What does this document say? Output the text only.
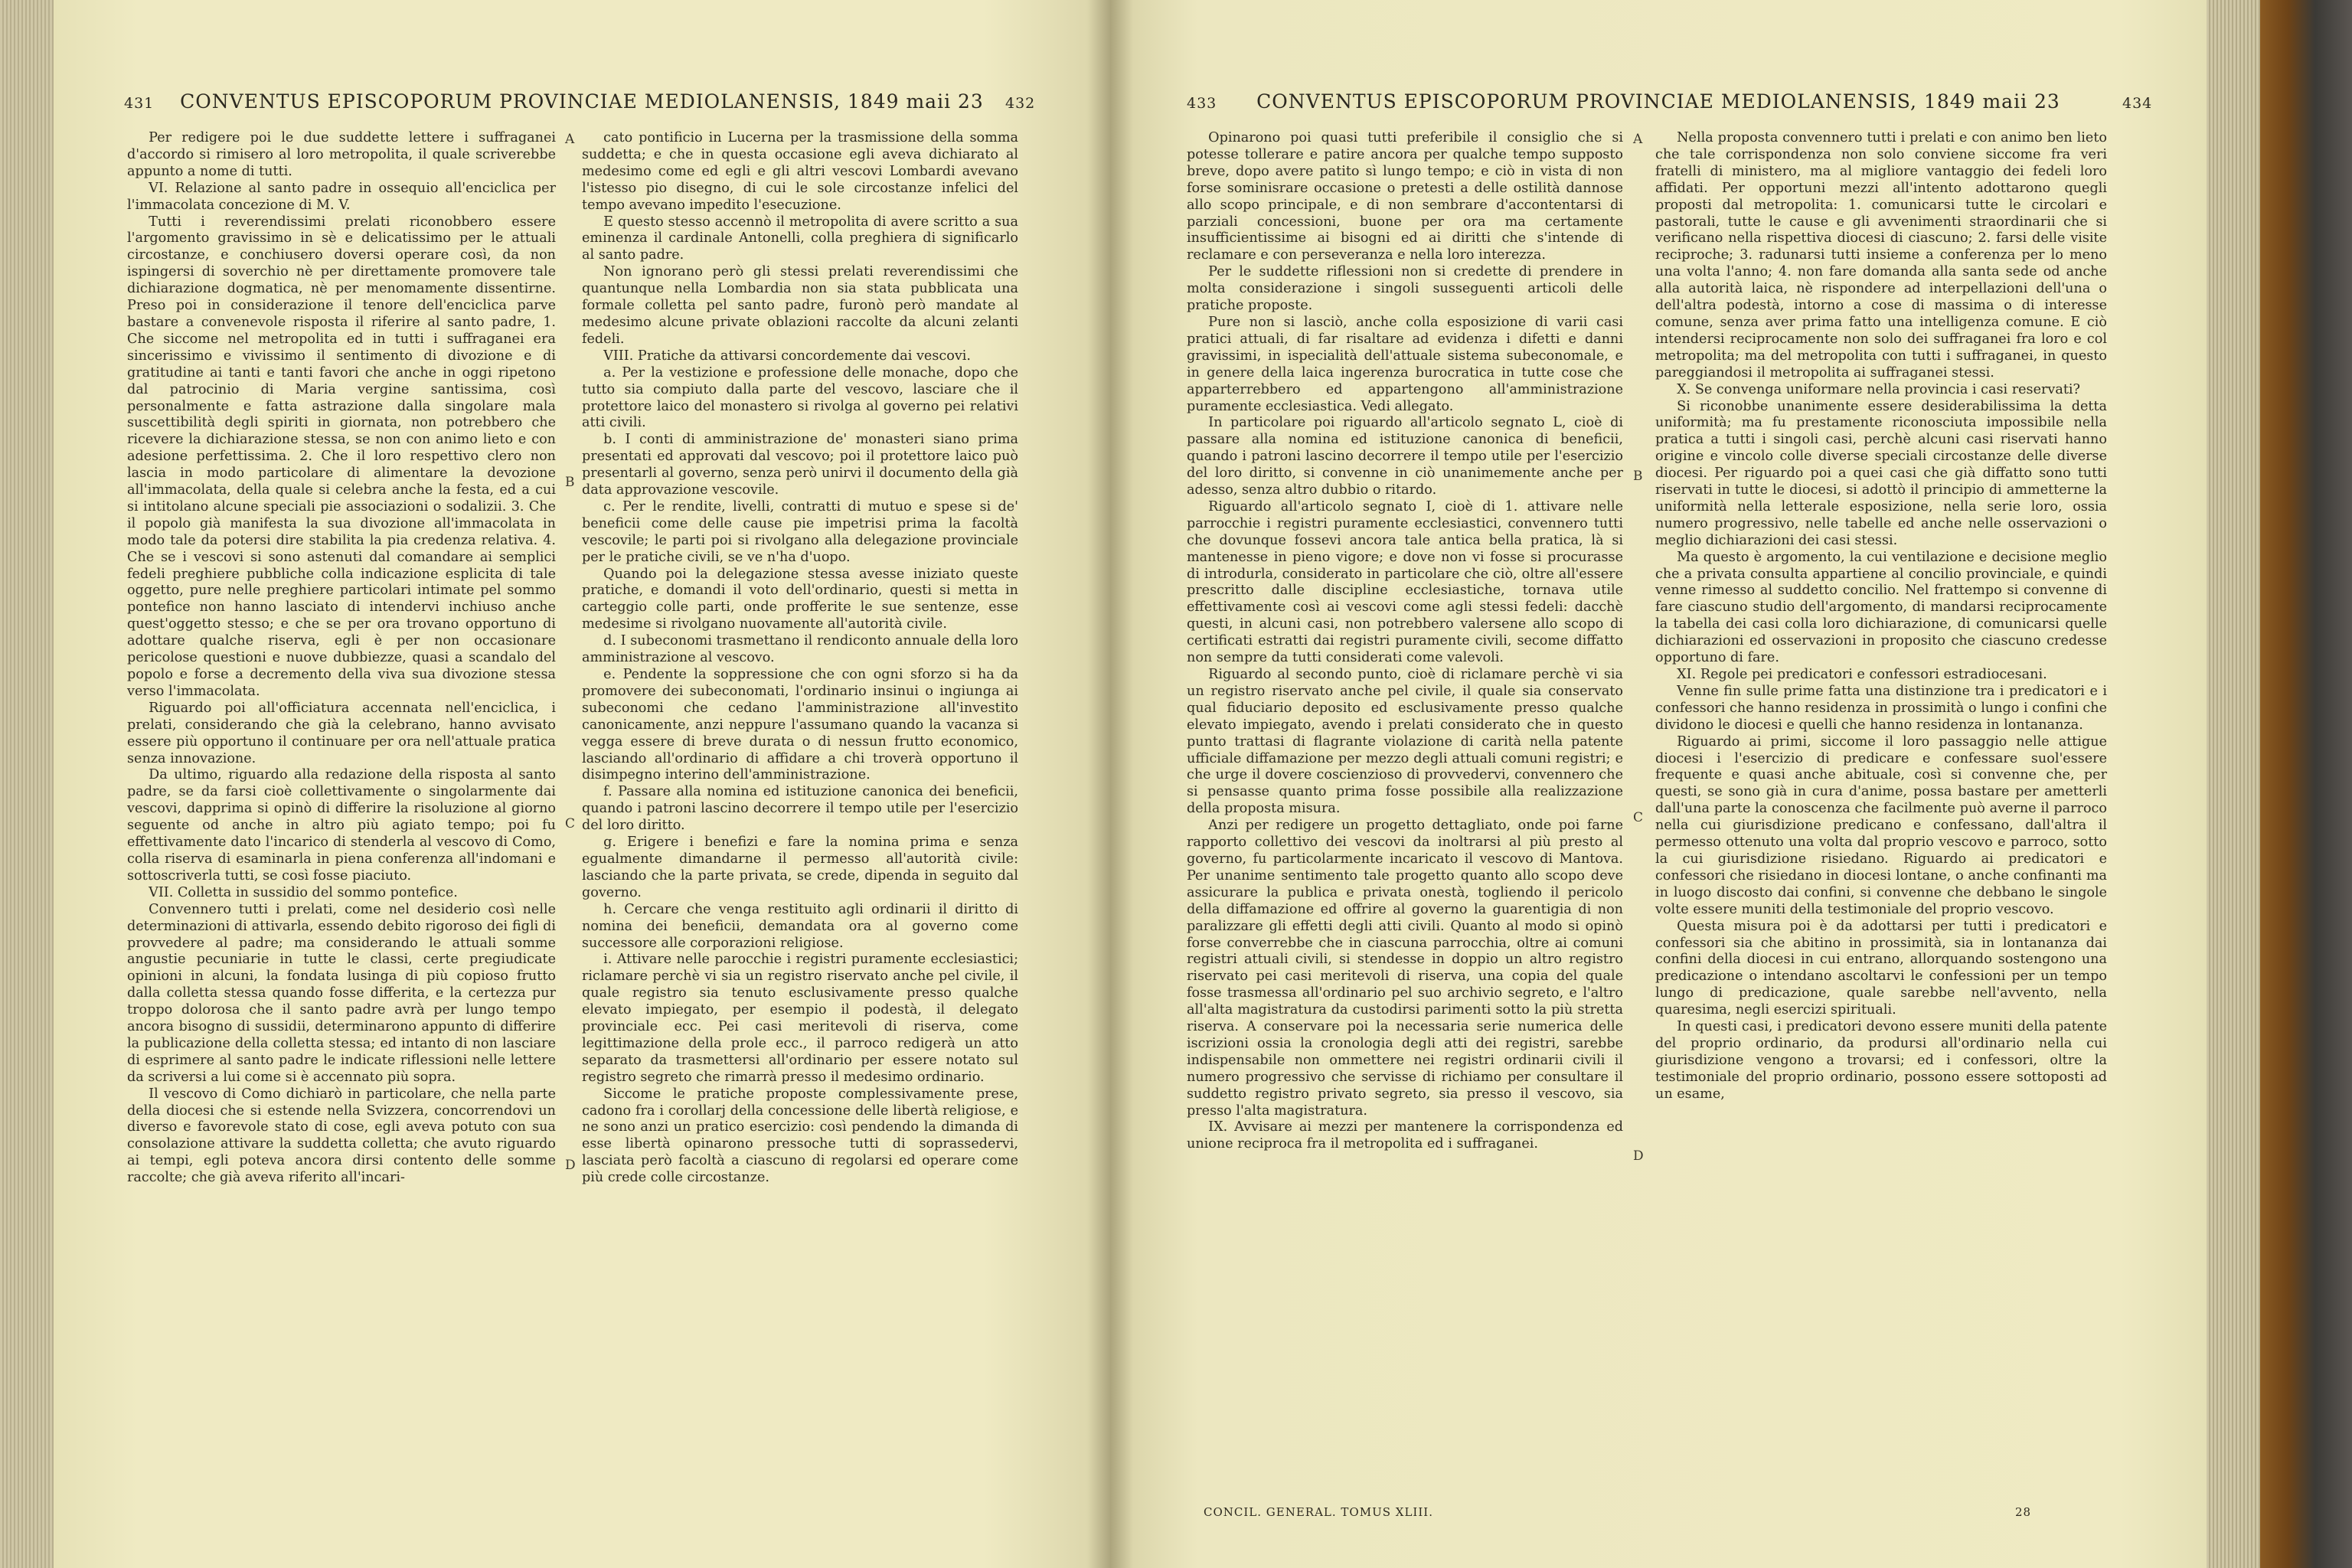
431	CONVENTUS EPISCOPORUM PROVINCIAE MEDIOLANENSIS, 1849 maii 23	432

Per redigere poi le due suddette lettere i suffraganei d'accordo si rimisero al loro metropolita, il quale scriverebbe appunto a nome di tutti.

VI. Relazione al santo padre in ossequio all'enciclica per l'immacolata concezione di M. V.

Tutti i reverendissimi prelati riconobbero essere l'argomento gravissimo in sè e delicatissimo per le attuali circostanze, e conchiusero doversi operare così, da non ispingersi di soverchio nè per direttamente promovere tale dichiarazione dogmatica, nè per menomamente dissentirne. Preso poi in considerazione il tenore dell'enciclica parve bastare a convenevole risposta il riferire al santo padre, 1. Che siccome nel metropolita ed in tutti i suffraganei era sincerissimo e vivissimo il sentimento di divozione e di gratitudine ai tanti e tanti favori che anche in oggi ripetono dal patrocinio di Maria vergine santissima, così personalmente e fatta astrazione dalla singolare mala suscettibilità degli spiriti in giornata, non potrebbero che ricevere la dichiarazione stessa, se non con animo lieto e con adesione perfettissima. 2. Che il loro respettivo clero non lascia in modo particolare di alimentare la devozione all'immacolata, della quale si celebra anche la festa, ed a cui si intitolano alcune speciali pie associazioni o sodalizii. 3. Che il popolo già manifesta la sua divozione all'immacolata in modo tale da potersi dire stabilita la pia credenza relativa. 4. Che se i vescovi si sono astenuti dal comandare ai semplici fedeli preghiere pubbliche colla indicazione esplicita di tale oggetto, pure nelle preghiere particolari intimate pel sommo pontefice non hanno lasciato di intendervi inchiuso anche quest'oggetto stesso; e che se per ora trovano opportuno di adottare qualche riserva, egli è per non occasionare pericolose questioni e nuove dubbiezze, quasi a scandalo del popolo e forse a decremento della viva sua divozione stessa verso l'immacolata.

Riguardo poi all'officiatura accennata nell'enciclica, i prelati, considerando che già la celebrano, hanno avvisato essere più opportuno il continuare per ora nell'attuale pratica senza innovazione.

Da ultimo, riguardo alla redazione della risposta al santo padre, se da farsi cioè collettivamente o singolarmente dai vescovi, dapprima si opinò di differire la risoluzione al giorno seguente od anche in altro più agiato tempo; poi fu effettivamente dato l'incarico di stenderla al vescovo di Como, colla riserva di esaminarla in piena conferenza all'indomani e sottoscriverla tutti, se così fosse piaciuto.

VII. Colletta in sussidio del sommo pontefice.

Convennero tutti i prelati, come nel desiderio così nelle determinazioni di attivarla, essendo debito rigoroso dei figli di provvedere al padre; ma considerando le attuali somme angustie pecuniarie in tutte le classi, certe pregiudicate opinioni in alcuni, la fondata lusinga di più copioso frutto dalla colletta stessa quando fosse differita, e la certezza pur troppo dolorosa che il santo padre avrà per lungo tempo ancora bisogno di sussidii, determinarono appunto di differire la publicazione della colletta stessa; ed intanto di non lasciare di esprimere al santo padre le indicate riflessioni nelle lettere da scriversi a lui come si è accennato più sopra.

Il vescovo di Como dichiarò in particolare, che nella parte della diocesi che si estende nella Svizzera, concorrendovi un diverso e favorevole stato di cose, egli aveva potuto con sua consolazione attivare la suddetta colletta; che avuto riguardo ai tempi, egli poteva ancora dirsi contento delle somme raccolte; che già aveva riferito all'incari-

cato pontificio in Lucerna per la trasmissione della somma suddetta; e che in questa occasione egli aveva dichiarato al medesimo come ed egli e gli altri vescovi Lombardi avevano l'istesso pio disegno, di cui le sole circostanze infelici del tempo avevano impedito l'esecuzione.

E questo stesso accennò il metropolita di avere scritto a sua eminenza il cardinale Antonelli, colla preghiera di significarlo al santo padre.

Non ignorano però gli stessi prelati reverendissimi che quantunque nella Lombardia non sia stata pubblicata una formale colletta pel santo padre, furonò però mandate al medesimo alcune private oblazioni raccolte da alcuni zelanti fedeli.

VIII. Pratiche da attivarsi concordemente dai vescovi.

a. Per la vestizione e professione delle monache, dopo che tutto sia compiuto dalla parte del vescovo, lasciare che il protettore laico del monastero si rivolga al governo pei relativi atti civili.

b. I conti di amministrazione de' monasteri siano prima presentati ed approvati dal vescovo; poi il protettore laico può presentarli al governo, senza però unirvi il documento della già data approvazione vescovile.

c. Per le rendite, livelli, contratti di mutuo e spese si de' beneficii come delle cause pie impetrisi prima la facoltà vescovile; le parti poi si rivolgano alla delegazione provinciale per le pratiche civili, se ve n'ha d'uopo.

Quando poi la delegazione stessa avesse iniziato queste pratiche, e domandi il voto dell'ordinario, questi si metta in carteggio colle parti, onde profferite le sue sentenze, esse medesime si rivolgano nuovamente all'autorità civile.

d. I subeconomi trasmettano il rendiconto annuale della loro amministrazione al vescovo.

e. Pendente la soppressione che con ogni sforzo si ha da promovere dei subeconomati, l'ordinario insinui o ingiunga ai subeconomi che cedano l'amministrazione all'investito canonicamente, anzi neppure l'assumano quando la vacanza si vegga essere di breve durata o di nessun frutto economico, lasciando all'ordinario di affidare a chi troverà opportuno il disimpegno interino dell'amministrazione.

f. Passare alla nomina ed istituzione canonica dei beneficii, quando i patroni lascino decorrere il tempo utile per l'esercizio del loro diritto.

g. Erigere i benefizi e fare la nomina prima e senza egualmente dimandarne il permesso all'autorità civile: lasciando che la parte privata, se crede, dipenda in seguito dal governo.

h. Cercare che venga restituito agli ordinarii il diritto di nomina dei beneficii, demandata ora al governo come successore alle corporazioni religiose.

i. Attivare nelle parocchie i registri puramente ecclesiastici; riclamare perchè vi sia un registro riservato anche pel civile, il quale registro sia tenuto esclusivamente presso qualche elevato impiegato, per esempio il podestà, il delegato provinciale ecc. Pei casi meritevoli di riserva, come legittimazione della prole ecc., il parroco redigerà un atto separato da trasmettersi all'ordinario per essere notato sul registro segreto che rimarrà presso il medesimo ordinario.

Siccome le pratiche proposte complessivamente prese, cadono fra i corollarj della concessione delle libertà religiose, e ne sono anzi un pratico esercizio: così pendendo la dimanda di esse libertà opinarono pressoche tutti di soprassedervi, lasciata però facoltà a ciascuno di regolarsi ed operare come più crede colle circostanze.

A
B
C
D
433	CONVENTUS EPISCOPORUM PROVINCIAE MEDIOLANENSIS, 1849 maii 23	434

Opinarono poi quasi tutti preferibile il consiglio che si potesse tollerare e patire ancora per qualche tempo supposto breve, dopo avere patito sì lungo tempo; e ciò in vista di non forse sominisrare occasione o pretesti a delle ostilità dannose allo scopo principale, e di non sembrare d'accontentarsi di parziali concessioni, buone per ora ma certamente insufficientissime ai bisogni ed ai diritti che s'intende di reclamare e con perseveranza e nella loro interezza.

Per le suddette riflessioni non si credette di prendere in molta considerazione i singoli susseguenti articoli delle pratiche proposte.

Pure non si lasciò, anche colla esposizione di varii casi pratici attuali, di far risaltare ad evidenza i difetti e danni gravissimi, in ispecialità dell'attuale sistema subeconomale, e in genere della laica ingerenza burocratica in tutte cose che apparterrebbero ed appartengono all'amministrazione puramente ecclesiastica. Vedi allegato.

In particolare poi riguardo all'articolo segnato L, cioè di passare alla nomina ed istituzione canonica di beneficii, quando i patroni lascino decorrere il tempo utile per l'esercizio del loro diritto, si convenne in ciò unanimemente anche per adesso, senza altro dubbio o ritardo.

Riguardo all'articolo segnato I, cioè di 1. attivare nelle parrocchie i registri puramente ecclesiastici, convennero tutti che dovunque fossevi ancora tale antica bella pratica, là si mantenesse in pieno vigore; e dove non vi fosse si procurasse di introdurla, considerato in particolare che ciò, oltre all'essere prescritto dalle discipline ecclesiastiche, tornava utile effettivamente così ai vescovi come agli stessi fedeli: dacchè questi, in alcuni casi, non potrebbero valersene allo scopo di certificati estratti dai registri puramente civili, secome diffatto non sempre da tutti considerati come valevoli.

Riguardo al secondo punto, cioè di riclamare perchè vi sia un registro riservato anche pel civile, il quale sia conservato qual fiduciario deposito ed esclusivamente presso qualche elevato impiegato, avendo i prelati considerato che in questo punto trattasi di flagrante violazione di carità nella patente ufficiale diffamazione per mezzo degli attuali comuni registri; e che urge il dovere coscienzioso di provvedervi, convennero che si pensasse quanto prima fosse possibile alla realizzazione della proposta misura.

Anzi per redigere un progetto dettagliato, onde poi farne rapporto collettivo dei vescovi da inoltrarsi al più presto al governo, fu particolarmente incaricato il vescovo di Mantova. Per unanime sentimento tale progetto quanto allo scopo deve assicurare la publica e privata onestà, togliendo il pericolo della diffamazione ed offrire al governo la guarentigia di non paralizzare gli effetti degli atti civili. Quanto al modo si opinò forse converrebbe che in ciascuna parrocchia, oltre ai comuni registri attuali civili, si stendesse in doppio un altro registro riservato pei casi meritevoli di riserva, una copia del quale fosse trasmessa all'ordinario pel suo archivio segreto, e l'altro all'alta magistratura da custodirsi parimenti sotto la più stretta riserva. A conservare poi la necessaria serie numerica delle iscrizioni ossia la cronologia degli atti dei registri, sarebbe indispensabile non ommettere nei registri ordinarii civili il numero progressivo che servisse di richiamo per consultare il suddetto registro privato segreto, sia presso il vescovo, sia presso l'alta magistratura.

IX. Avvisare ai mezzi per mantenere la corrispondenza ed unione reciproca fra il metropolita ed i suffraganei.

Nella proposta convennero tutti i prelati e con animo ben lieto che tale corrispondenza non solo conviene siccome fra veri fratelli di ministero, ma al migliore vantaggio dei fedeli loro affidati. Per opportuni mezzi all'intento adottarono quegli proposti dal metropolita: 1. comunicarsi tutte le circolari e pastorali, tutte le cause e gli avvenimenti straordinarii che si verificano nella rispettiva diocesi di ciascuno; 2. farsi delle visite reciproche; 3. radunarsi tutti insieme a conferenza per lo meno una volta l'anno; 4. non fare domanda alla santa sede od anche alla autorità laica, nè rispondere ad interpellazioni dell'una o dell'altra podestà, intorno a cose di massima o di interesse comune, senza aver prima fatto una intelligenza comune. E ciò intendersi reciprocamente non solo dei suffraganei fra loro e col metropolita; ma del metropolita con tutti i suffraganei, in questo pareggiandosi il metropolita ai suffraganei stessi.

X. Se convenga uniformare nella provincia i casi reservati?

Si riconobbe unanimente essere desiderabilissima la detta uniformità; ma fu prestamente riconosciuta impossibile nella pratica a tutti i singoli casi, perchè alcuni casi riservati hanno origine e vincolo colle diverse speciali circostanze delle diverse diocesi. Per riguardo poi a quei casi che già diffatto sono tutti riservati in tutte le diocesi, si adottò il principio di ammetterne la uniformità nella letterale esposizione, nella serie loro, ossia numero progressivo, nelle tabelle ed anche nelle osservazioni o meglio dichiarazioni dei casi stessi.

Ma questo è argomento, la cui ventilazione e decisione meglio che a privata consulta appartiene al concilio provinciale, e quindi venne rimesso al suddetto concilio. Nel frattempo si convenne di fare ciascuno studio dell'argomento, di mandarsi reciprocamente la tabella dei casi colla loro dichiarazione, di comunicarsi quelle dichiarazioni ed osservazioni in proposito che ciascuno credesse opportuno di fare.

XI. Regole pei predicatori e confessori estradiocesani.

Venne fin sulle prime fatta una distinzione tra i predicatori e i confessori che hanno residenza in prossimità o lungo i confini che dividono le diocesi e quelli che hanno residenza in lontananza.

Riguardo ai primi, siccome il loro passaggio nelle attigue diocesi i l'esercizio di predicare e confessare suol'essere frequente e quasi anche abituale, così si convenne che, per questi, se sono già in cura d'anime, possa bastare per ametterli dall'una parte la conoscenza che facilmente può averne il parroco nella cui giurisdizione predicano e confessano, dall'altra il permesso ottenuto una volta dal proprio vescovo e parroco, sotto la cui giurisdizione risiedano. Riguardo ai predicatori e confessori che risiedano in diocesi lontane, o anche confinanti ma in luogo discosto dai confini, si convenne che debbano le singole volte essere muniti della testimoniale del proprio vescovo.

Questa misura poi è da adottarsi per tutti i predicatori e confessori sia che abitino in prossimità, sia in lontananza dai confini della diocesi in cui entrano, allorquando sostengono una predicazione o intendano ascoltarvi le confessioni per un tempo lungo di predicazione, quale sarebbe nell'avvento, nella quaresima, negli esercizi spirituali.

In questi casi, i predicatori devono essere muniti della patente del proprio ordinario, da prodursi all'ordinario nella cui giurisdizione vengono a trovarsi; ed i confessori, oltre la testimoniale del proprio ordinario, possono essere sottoposti ad un esame,

A
B
C
D
CONCIL. GENERAL. TOMUS XLIII.	28
